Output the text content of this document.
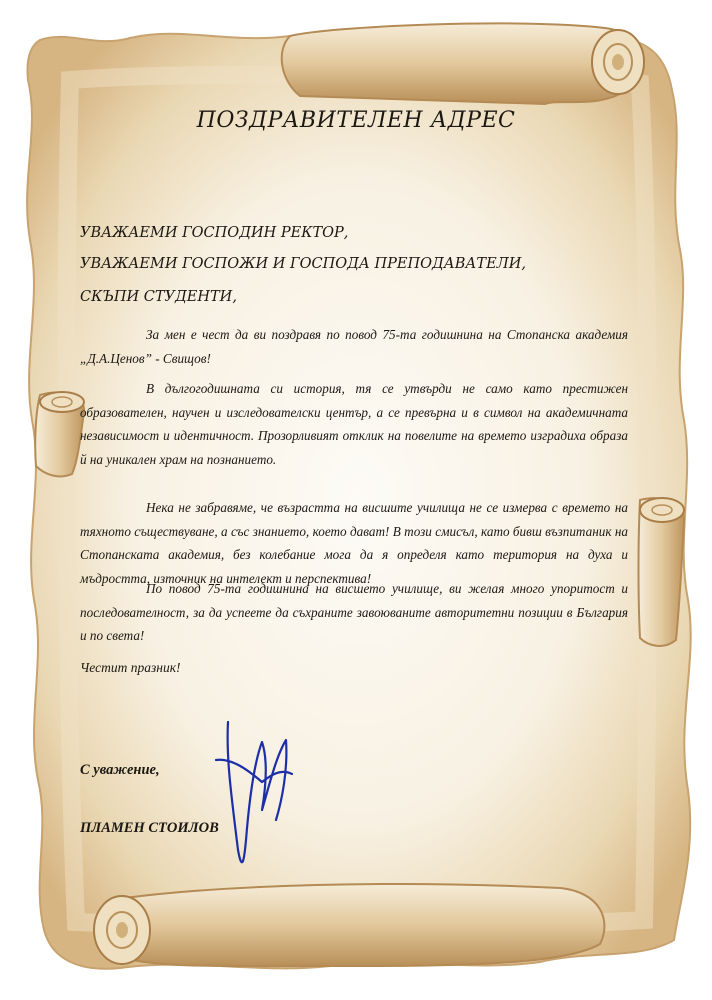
ПОЗДРАВИТЕЛЕН АДРЕС
УВАЖАЕМИ ГОСПОДИН РЕКТОР,
УВАЖАЕМИ ГОСПОЖИ И ГОСПОДА ПРЕПОДАВАТЕЛИ,
СКЪПИ СТУДЕНТИ,
За мен е чест да ви поздравя по повод 75-та годишнина на Стопанска академия „Д.А.Ценов” - Свищов!
В дългогодишната си история, тя се утвърди не само като престижен образователен, научен и изследователски център, а се превърна и в символ на академичната независимост и идентичност. Прозорливият отклик на повелите на времето изградиха образа й на уникален храм на познанието.
Нека не забравяме, че възрастта на висшите училища не се измерва с времето на тяхното съществуване, а със знанието, което дават! В този смисъл, като бивш възпитаник на Стопанската академия, без колебание мога да я определя като територия на духа и мъдростта, източник на интелект и перспектива!
По повод 75-та годишнина на висшето училище, ви желая много упоритост и последователност, за да успеете да съхраните завоюваните авторитетни позиции в България и по света!
Честит празник!
С уважение,
ПЛАМЕН СТОИЛОВ
